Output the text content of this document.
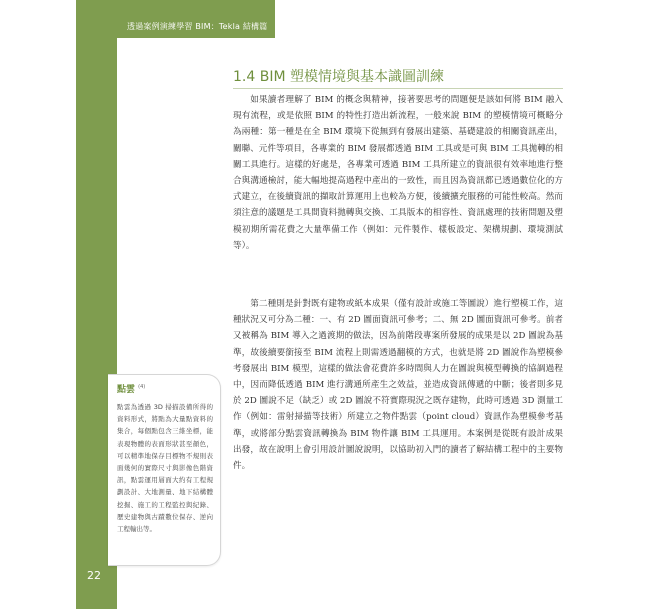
透過案例演練學習 BIM：Tekla 結構篇
1.4 BIM 塑模情境與基本識圖訓練

如果讀者理解了 BIM 的概念與精神，接著要思考的問題便是該如何將 BIM 融入現有流程，或是依照 BIM 的特性打造出新流程，一般來說 BIM 的塑模情境可概略分為兩種：第一種是在全 BIM 環境下從無到有發展出建築、基礎建設的相關資訊產出，關聯、元件等項目，各專業的 BIM 發展都透過 BIM 工具或是可與 BIM 工具拋轉的相關工具進行。這樣的好處是，各專業可透過 BIM 工具所建立的資訊很有效率地進行整合與溝通檢討，能大幅地提高過程中產出的一致性，而且因為資訊都已透過數位化的方式建立，在後續資訊的擷取計算運用上也較為方便，後續擴充服務的可能性較高。然而須注意的議題是工具間資料拋轉與交換、工具版本的相容性、資訊處理的技術問題及塑模初期所需花費之大量準備工作（例如：元件製作、樣板設定、架構規劃、環境測試等）。

第二種則是針對既有建物或紙本成果（僅有設計或施工等圖說）進行塑模工作，這種狀況又可分為二種：一、有 2D 圖面資訊可參考；二、無 2D 圖面資訊可參考。前者又被稱為 BIM 導入之過渡期的做法，因為前階段專案所發展的成果是以 2D 圖說為基準，故後續要銜接至 BIM 流程上則需透過翻模的方式，也就是將 2D 圖說作為塑模參考發展出 BIM 模型，這樣的做法會花費許多時間與人力在圖說與模型轉換的協調過程中，因而降低透過 BIM 進行溝通所產生之效益，並造成資訊傳遞的中斷；後者則多見於 2D 圖說不足（缺乏）或 2D 圖說不符實際現況之既存建物，此時可透過 3D 測量工作（例如：雷射掃描等技術）所建立之物件點雲（point cloud）資訊作為塑模參考基準，或將部分點雲資訊轉換為 BIM 物件讓 BIM 工具運用。本案例是從既有設計成果出發，故在說明上會引用設計圖說說明，以協助初入門的讀者了解結構工程中的主要物件。

點雲 $^{(4)}$

點雲為透過 3D 掃描設備所得的資料形式，將點為大量點資料的集合，每個點包含三維坐標，能表現物體的表面形狀甚至顏色，可以精準地保存目標物不規則表面幾何的實際尺寸與影像色階資訊，點雲運用層面大約有工程規劃設計、大地測量、地下結構體挖掘、施工的工程監控與紀錄、歷史建物與古蹟數位保存、逆向工程輸出等。

22
